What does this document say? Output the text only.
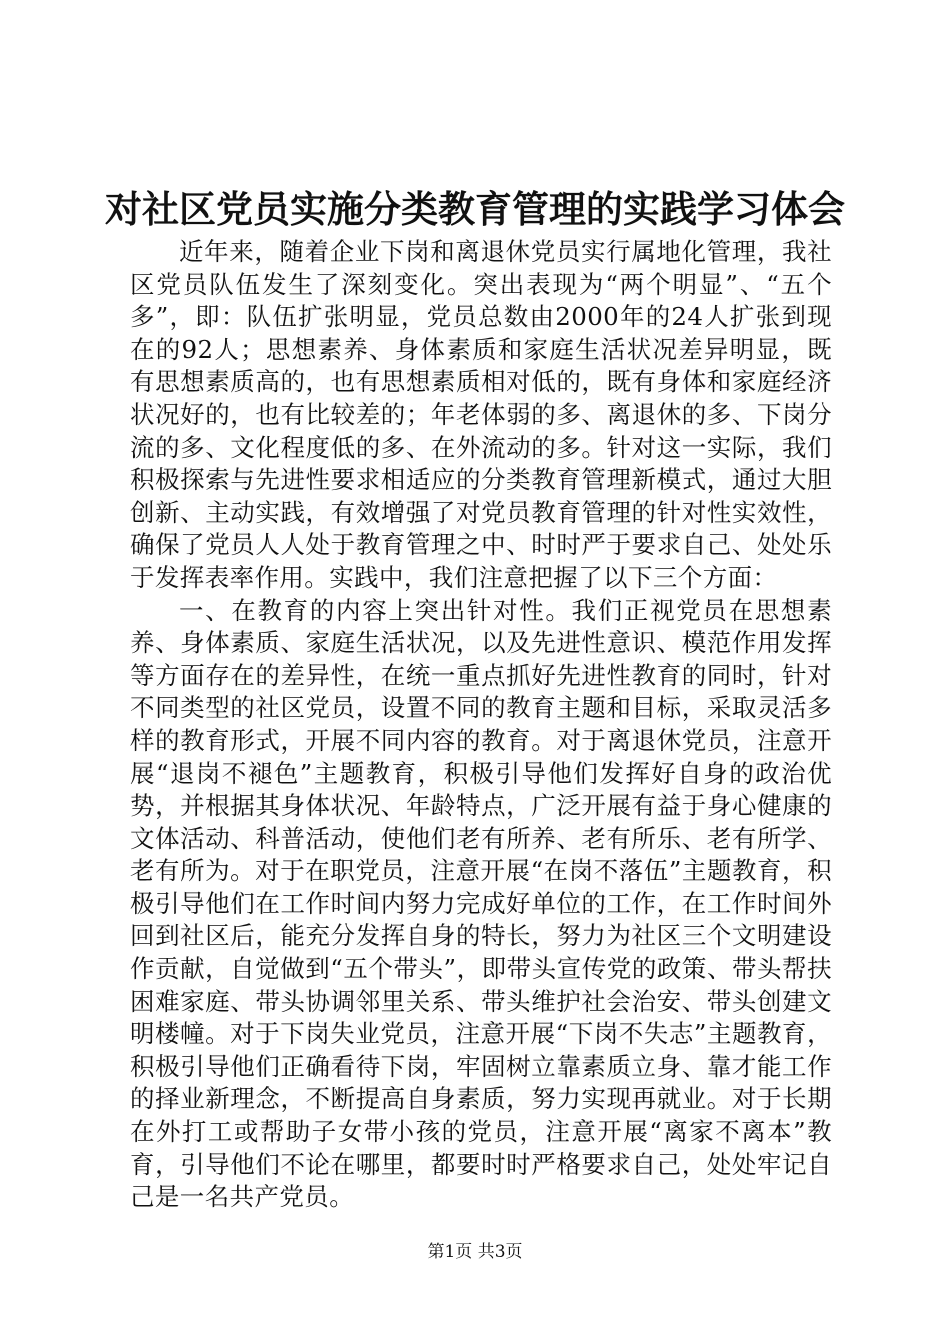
对社区党员实施分类教育管理的实践学习体会

近年来，随着企业下岗和离退休党员实行属地化管理，我社区党员队伍发生了深刻变化。突出表现为“两个明显”、“五个多”，即：队伍扩张明显，党员总数由2000年的24人扩张到现在的92人；思想素养、身体素质和家庭生活状况差异明显，既有思想素质高的，也有思想素质相对低的，既有身体和家庭经济状况好的，也有比较差的；年老体弱的多、离退休的多、下岗分流的多、文化程度低的多、在外流动的多。针对这一实际，我们积极探索与先进性要求相适应的分类教育管理新模式，通过大胆创新、主动实践，有效增强了对党员教育管理的针对性实效性，确保了党员人人处于教育管理之中、时时严于要求自己、处处乐于发挥表率作用。实践中，我们注意把握了以下三个方面：

一、在教育的内容上突出针对性。我们正视党员在思想素养、身体素质、家庭生活状况，以及先进性意识、模范作用发挥等方面存在的差异性，在统一重点抓好先进性教育的同时，针对不同类型的社区党员，设置不同的教育主题和目标，采取灵活多样的教育形式，开展不同内容的教育。对于离退休党员，注意开展“退岗不褪色”主题教育，积极引导他们发挥好自身的政治优势，并根据其身体状况、年龄特点，广泛开展有益于身心健康的文体活动、科普活动，使他们老有所养、老有所乐、老有所学、老有所为。对于在职党员，注意开展“在岗不落伍”主题教育，积极引导他们在工作时间内努力完成好单位的工作，在工作时间外回到社区后，能充分发挥自身的特长，努力为社区三个文明建设作贡献，自觉做到“五个带头”，即带头宣传党的政策、带头帮扶困难家庭、带头协调邻里关系、带头维护社会治安、带头创建文明楼幢。对于下岗失业党员，注意开展“下岗不失志”主题教育，积极引导他们正确看待下岗，牢固树立靠素质立身、靠才能工作的择业新理念，不断提高自身素质，努力实现再就业。对于长期在外打工或帮助子女带小孩的党员，注意开展“离家不离本”教育，引导他们不论在哪里，都要时时严格要求自己，处处牢记自己是一名共产党员。

第1页 共3页
